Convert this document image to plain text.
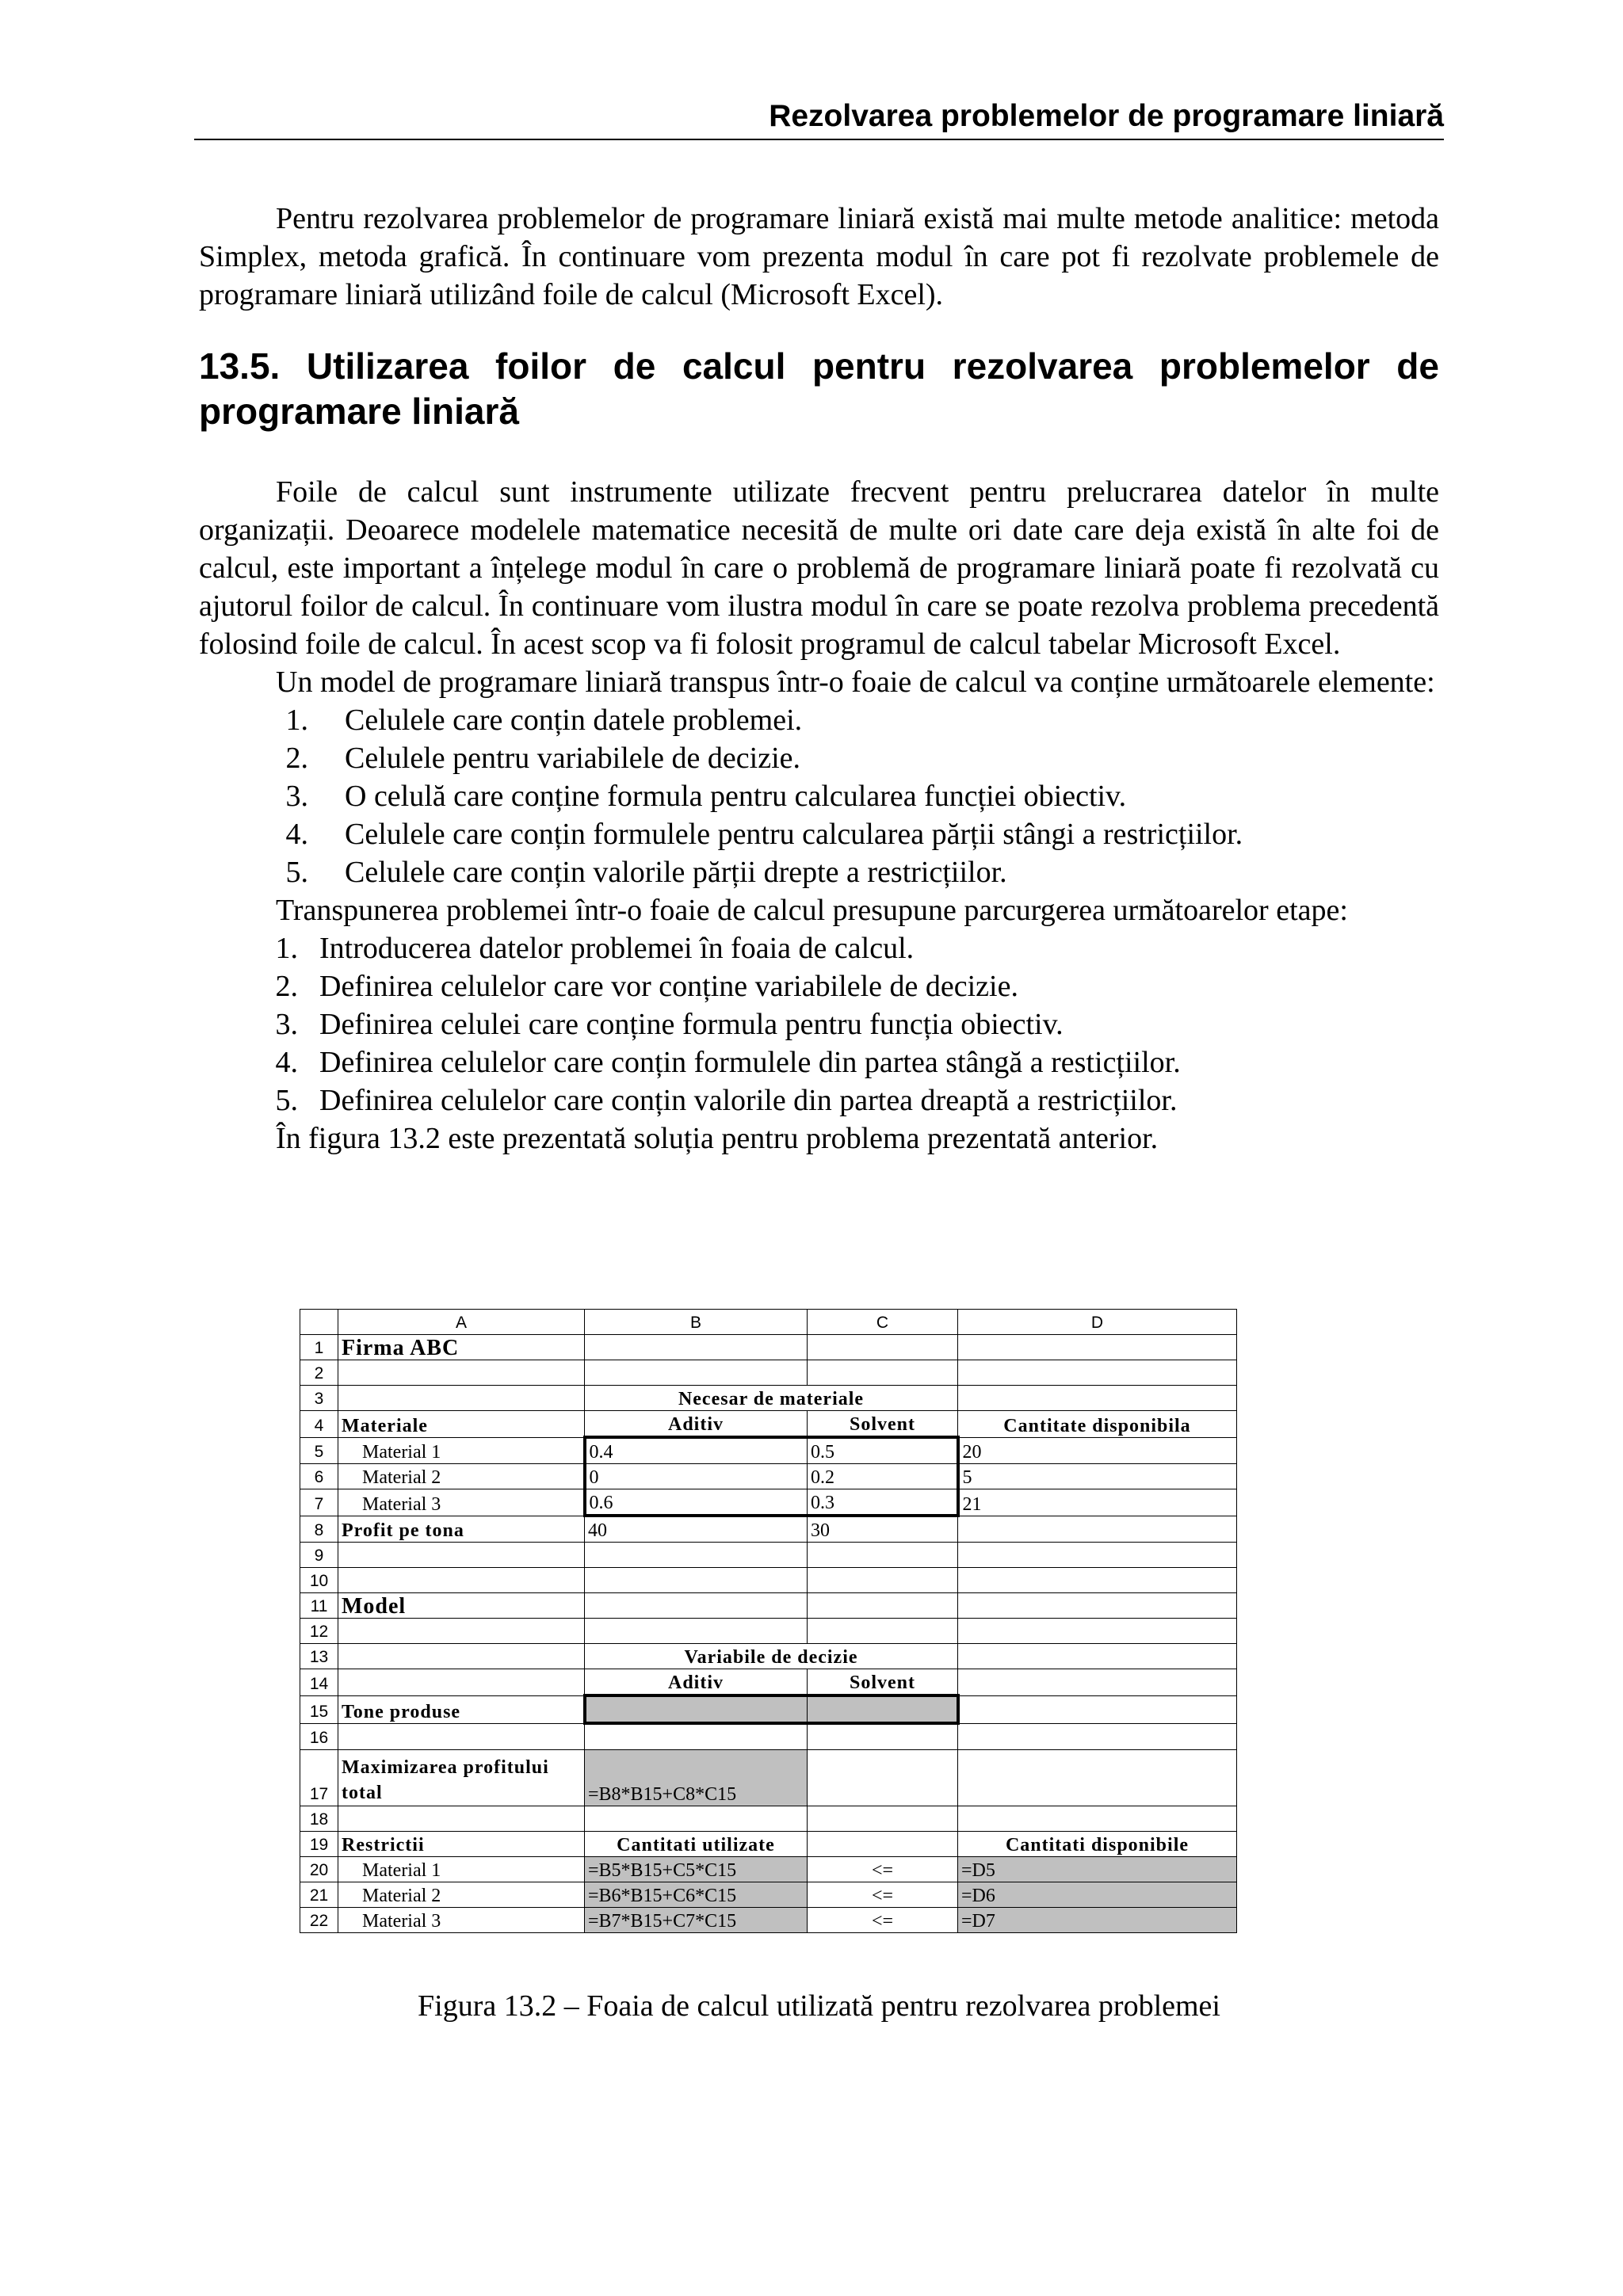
Rezolvarea problemelor de programare liniară

Pentru rezolvarea problemelor de programare liniară există mai multe metode analitice: metoda Simplex, metoda grafică. În continuare vom prezenta modul în care pot fi rezolvate problemele de programare liniară utilizând foile de calcul (Microsoft Excel).

13.5. Utilizarea foilor de calcul pentru rezolvarea problemelor de programare liniară

Foile de calcul sunt instrumente utilizate frecvent pentru prelucrarea datelor în multe organizații. Deoarece modelele matematice necesită de multe ori date care deja există în alte foi de calcul, este important a înțelege modul în care o problemă de programare liniară poate fi rezolvată cu ajutorul foilor de calcul. În continuare vom ilustra modul în care se poate rezolva problema precedentă folosind foile de calcul. În acest scop va fi folosit programul de calcul tabelar Microsoft Excel.

Un model de programare liniară transpus într-o foaie de calcul va conține următoarele elemente:

1.	Celulele care conțin datele problemei.
2.	Celulele pentru variabilele de decizie.
3.	O celulă care conține formula pentru calcularea funcției obiectiv.
4.	Celulele care conțin formulele pentru calcularea părții stângi a restricțiilor.
5.	Celulele care conțin valorile părții drepte a restricțiilor.

Transpunerea problemei într-o foaie de calcul presupune parcurgerea următoarelor etape:

1. Introducerea datelor problemei în foaia de calcul.
2. Definirea celulelor care vor conține variabilele de decizie.
3. Definirea celulei care conține formula pentru funcția obiectiv.
4. Definirea celulelor care conțin formulele din partea stângă a resticțiilor.
5. Definirea celulelor care conțin valorile din partea dreaptă a restricțiilor.

În figura 13.2 este prezentată soluția pentru problema prezentată anterior.

	A	B	C	D
1	Firma ABC			
2				
3		Necesar de materiale		
4	Materiale	Aditiv	Solvent	Cantitate disponibila
5	Material 1	0.4	0.5	20
6	Material 2	0	0.2	5
7	Material 3	0.6	0.3	21
8	Profit pe tona	40	30	
9				
10				
11	Model			
12				
13		Variabile de decizie		
14		Aditiv	Solvent	
15	Tone produse			
16				
17	Maximizarea profitului total	=B8*B15+C8*C15		
18				
19	Restrictii	Cantitati utilizate		Cantitati disponibile
20	Material 1	=B5*B15+C5*C15	<=	=D5
21	Material 2	=B6*B15+C6*C15	<=	=D6
22	Material 3	=B7*B15+C7*C15	<=	=D7

Figura 13.2 – Foaia de calcul utilizată pentru rezolvarea problemei
